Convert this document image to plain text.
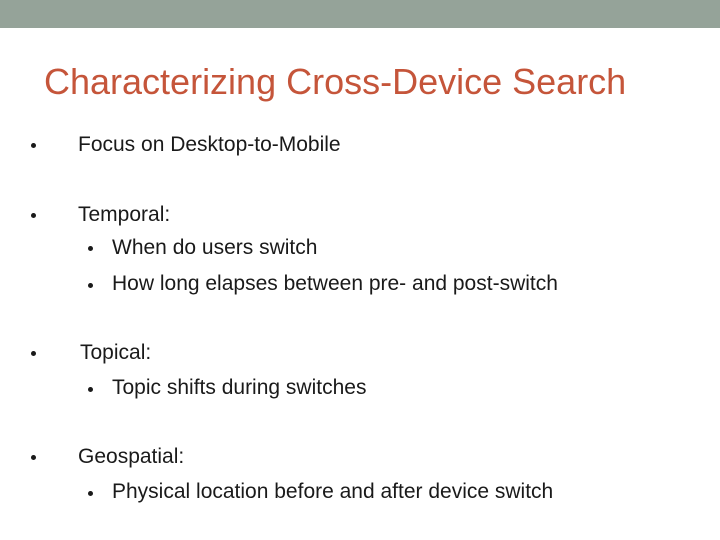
Characterizing Cross-Device Search
Focus on Desktop-to-Mobile
Temporal:
When do users switch
How long elapses between pre- and post-switch
Topical:
Topic shifts during switches
Geospatial:
Physical location before and after device switch
